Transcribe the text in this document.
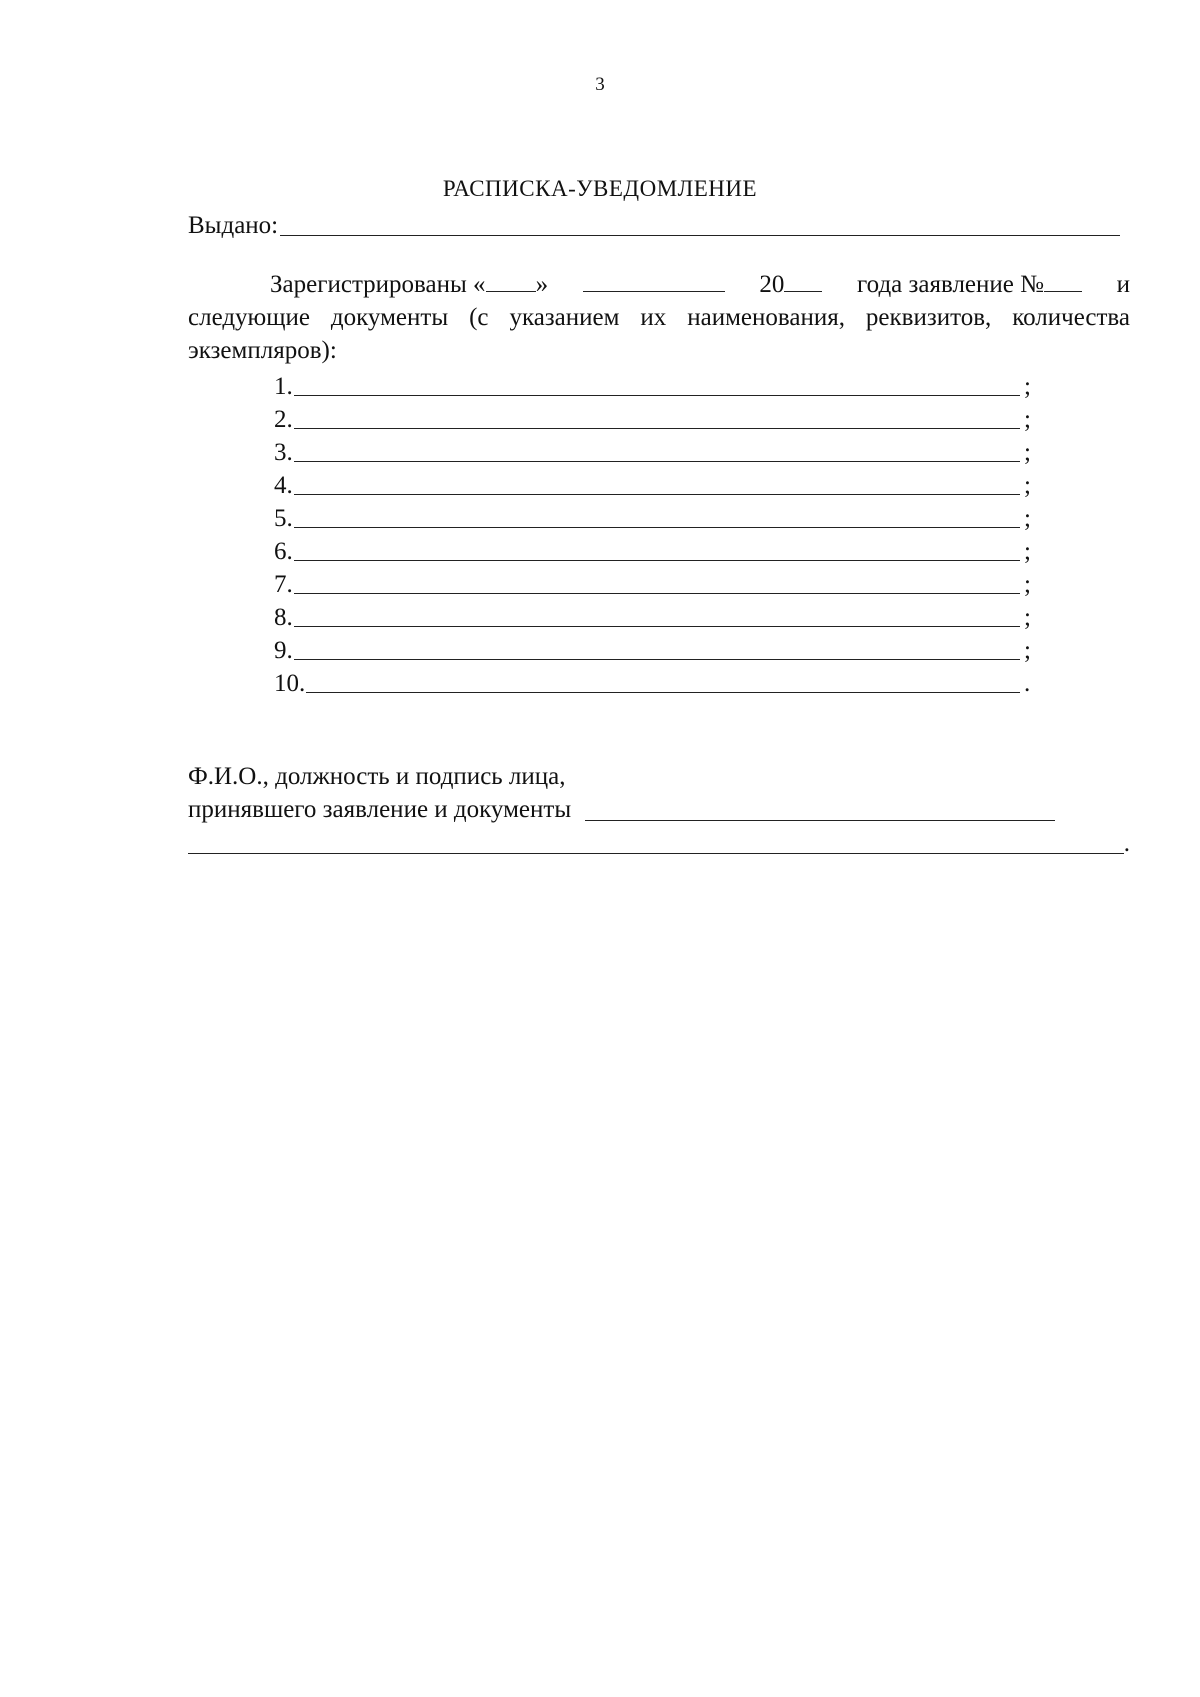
3
РАСПИСКА-УВЕДОМЛЕНИЕ
Выдано:
Зарегистрированы « »	20	года заявление №	и
следующие документы (с указанием их наименования, реквизитов, количества экземпляров):
1.	;
2.	;
3.	;
4.	;
5.	;
6.	;
7.	;
8.	;
9.	;
10.	.
Ф.И.О., должность и подпись лица,
принявшего заявление и документы
.
